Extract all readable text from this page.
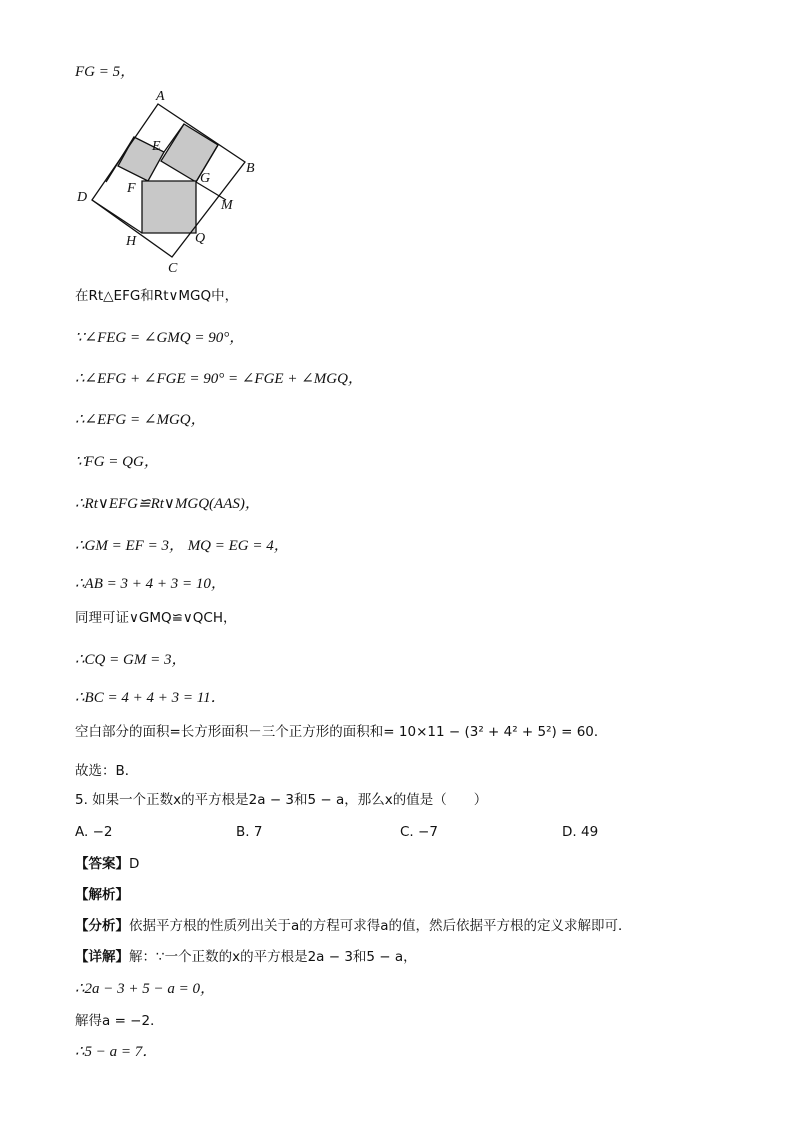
FG = 5，
A
B
C
D
E
F
G
H
M
Q
在Rt△EFG和Rt∨MGQ中，
∵∠FEG = ∠GMQ = 90°，
∴∠EFG + ∠FGE = 90° = ∠FGE + ∠MGQ，
∴∠EFG = ∠MGQ，
∵FG = QG，
∴Rt∨EFG≌Rt∨MGQ(AAS)，
∴GM = EF = 3， MQ = EG = 4，
∴AB = 3 + 4 + 3 = 10，
同理可证∨GMQ≌∨QCH，
∴CQ = GM = 3，
∴BC = 4 + 4 + 3 = 11．
空白部分的面积=长方形面积－三个正方形的面积和= 10×11 − (3² + 4² + 5²) = 60．
故选：B．
5. 如果一个正数x的平方根是2a − 3和5 − a，那么x的值是（　　）
A. −2	B. 7	C. −7	D. 49
【答案】D
【解析】
【分析】依据平方根的性质列出关于a的方程可求得a的值，然后依据平方根的定义求解即可．
【详解】解：∵一个正数的x的平方根是2a − 3和5 − a，
∴2a − 3 + 5 − a = 0，
解得a = −2．
∴5 − a = 7．
